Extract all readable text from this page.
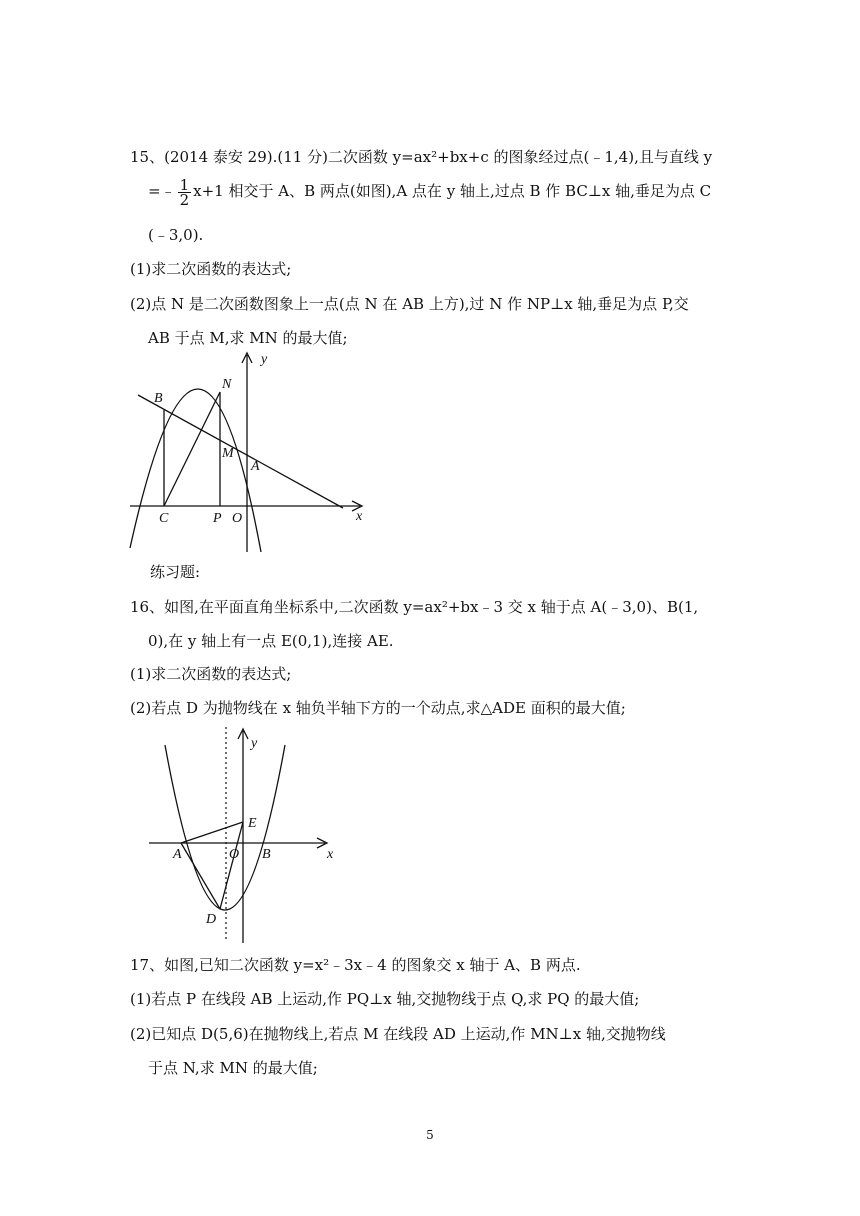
15、(2014 泰安 29).(11 分)二次函数 y=ax²+bx+c 的图象经过点(﹣1,4),且与直线 y
=﹣ $\frac{1}{2} x+1$ 相交于 A、B 两点(如图),A 点在 y 轴上,过点 B 作 BC⊥x 轴,垂足为点 C
(﹣3,0).
(1)求二次函数的表达式;
(2)点 N 是二次函数图象上一点(点 N 在 AB 上方),过 N 作 NP⊥x 轴,垂足为点 P,交
AB 于点 M,求 MN 的最大值;
y
x
B
N
M
A
C	P O
练习题:
16、如图,在平面直角坐标系中,二次函数 y=ax²+bx﹣3 交 x 轴于点 A(﹣3,0)、B(1,
0),在 y 轴上有一点 E(0,1),连接 AE.
(1)求二次函数的表达式;
(2)若点 D 为抛物线在 x 轴负半轴下方的一个动点,求△ADE 面积的最大值;
y
x
E
A	O B
D
17、如图,已知二次函数 y=x²﹣3x﹣4 的图象交 x 轴于 A、B 两点.
(1)若点 P 在线段 AB 上运动,作 PQ⊥x 轴,交抛物线于点 Q,求 PQ 的最大值;
(2)已知点 D(5,6)在抛物线上,若点 M 在线段 AD 上运动,作 MN⊥x 轴,交抛物线
于点 N,求 MN 的最大值;
5
